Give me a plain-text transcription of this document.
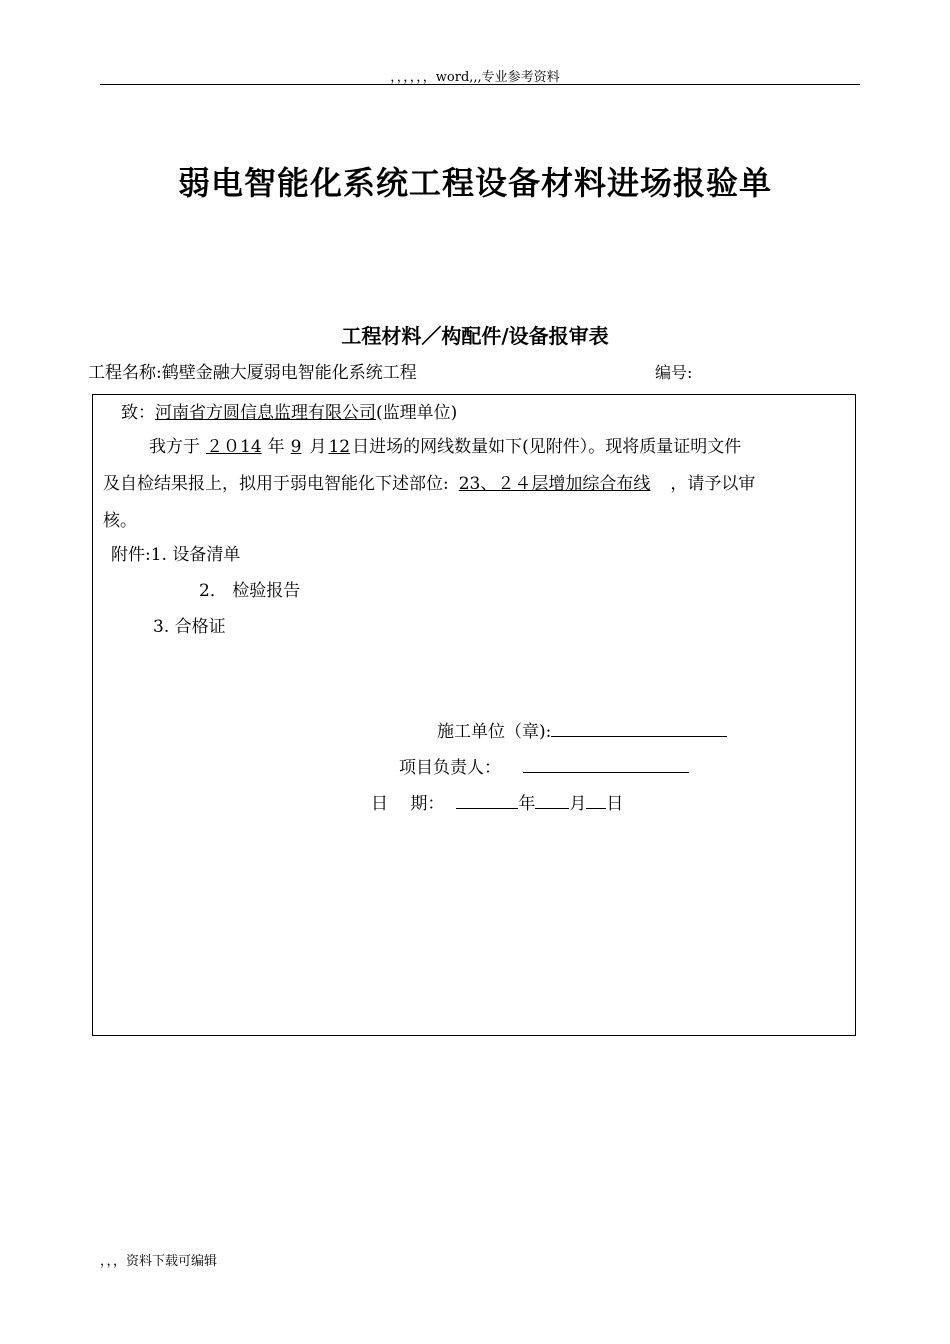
，，，，，，word,,,专业参考资料
弱电智能化系统工程设备材料进场报验单
工程材料／构配件/设备报审表
工程名称:鹤壁金融大厦弱电智能化系统工程	编号:
致：河南省方圆信息监理有限公司(监理单位)
我方于 ２０14 年 9 月 12 日进场的网线数量如下(见附件）。现将质量证明文件
及自检结果报上，拟用于弱电智能化下述部位: 23、２４层增加综合布线 ，请予以审
核。
附件:1. 设备清单
2． 检验报告
3. 合格证
施工单位（章):
项目负责人：
日　 期：	年 月 日
，，，资料下载可编辑
